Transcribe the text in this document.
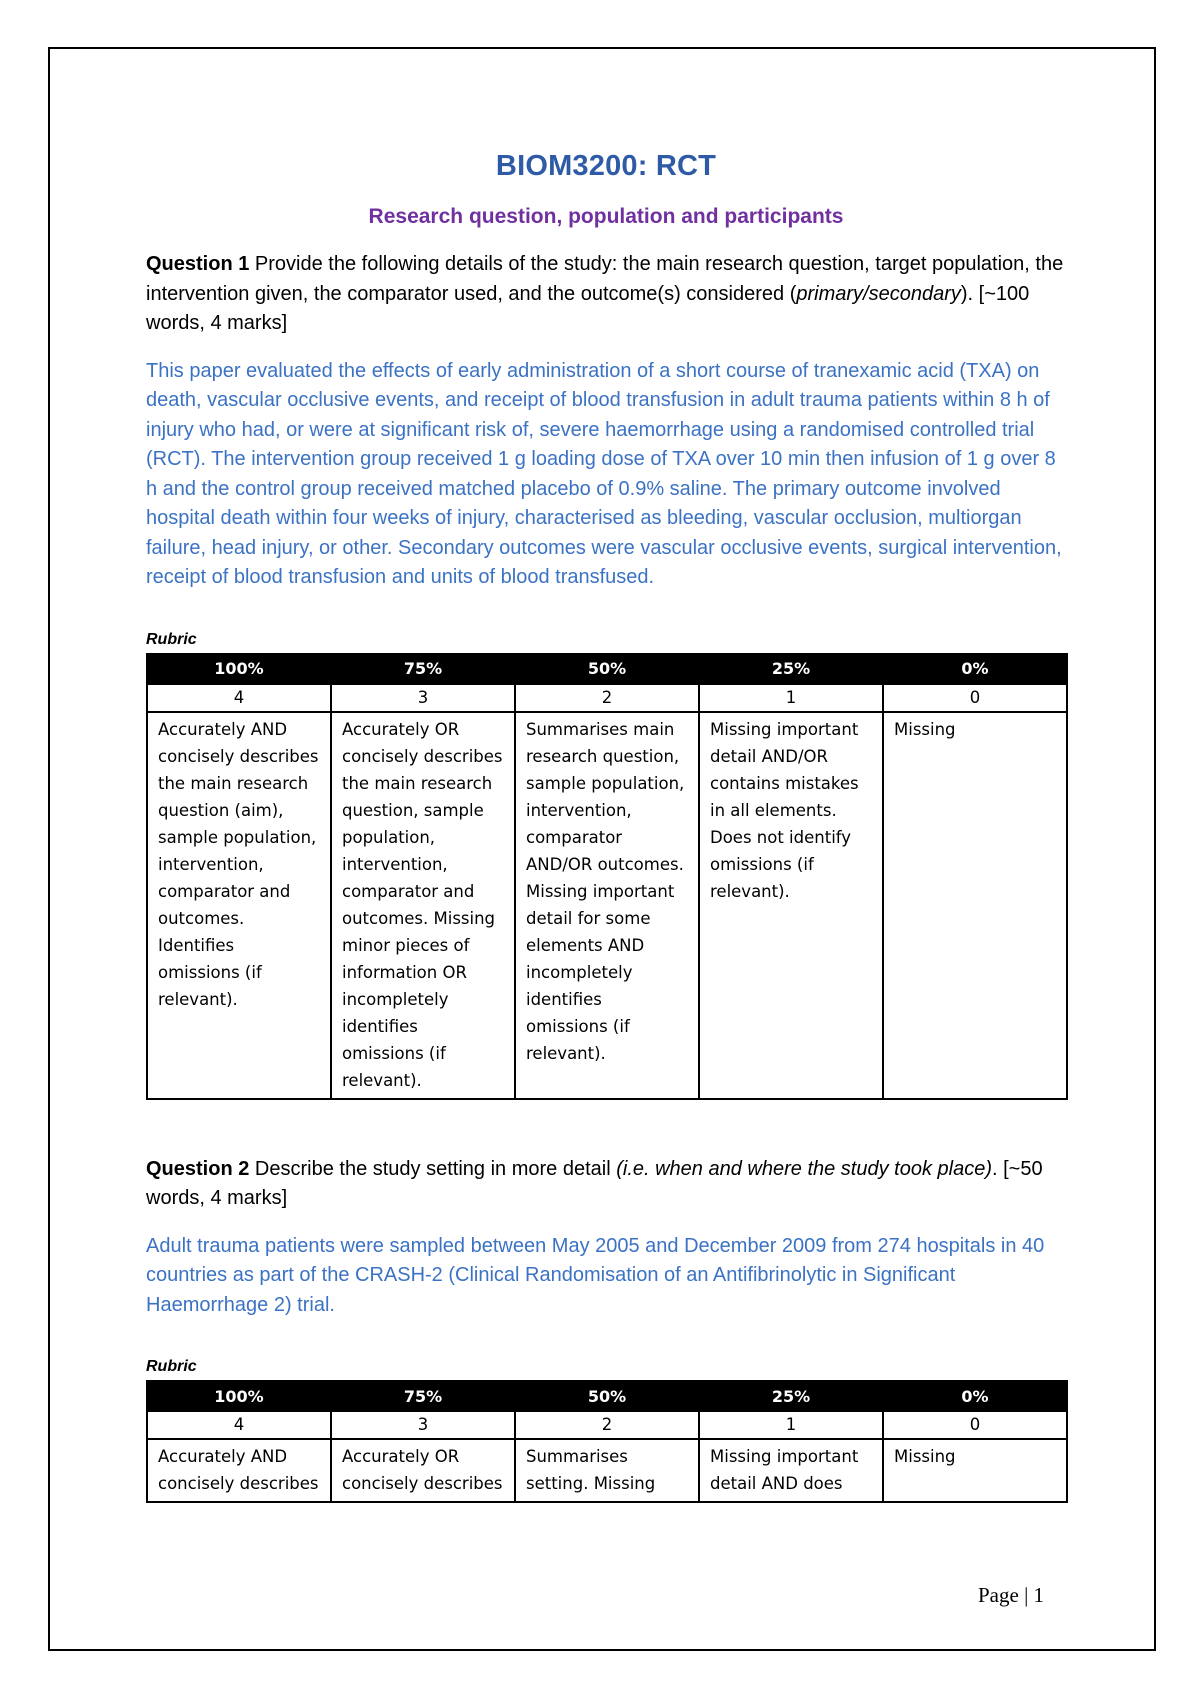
BIOM3200: RCT
Research question, population and participants

Question 1 Provide the following details of the study: the main research question, target population, the intervention given, the comparator used, and the outcome(s) considered (primary/secondary). [~100 words, 4 marks]

This paper evaluated the effects of early administration of a short course of tranexamic acid (TXA) on death, vascular occlusive events, and receipt of blood transfusion in adult trauma patients within 8 h of injury who had, or were at significant risk of, severe haemorrhage using a randomised controlled trial (RCT). The intervention group received 1 g loading dose of TXA over 10 min then infusion of 1 g over 8 h and the control group received matched placebo of 0.9% saline. The primary outcome involved hospital death within four weeks of injury, characterised as bleeding, vascular occlusion, multiorgan failure, head injury, or other. Secondary outcomes were vascular occlusive events, surgical intervention, receipt of blood transfusion and units of blood transfused.

Rubric
100%	75%	50%	25%	0%
4	3	2	1	0
Accurately AND concisely describes the main research question (aim), sample population, intervention, comparator and outcomes. Identifies omissions (if relevant).	Accurately OR concisely describes the main research question, sample population, intervention, comparator and outcomes. Missing minor pieces of information OR incompletely identifies omissions (if relevant).	Summarises main research question, sample population, intervention, comparator AND/OR outcomes. Missing important detail for some elements AND incompletely identifies omissions (if relevant).	Missing important detail AND/OR contains mistakes in all elements. Does not identify omissions (if relevant).	Missing

Question 2 Describe the study setting in more detail (i.e. when and where the study took place). [~50 words, 4 marks]

Adult trauma patients were sampled between May 2005 and December 2009 from 274 hospitals in 40 countries as part of the CRASH-2 (Clinical Randomisation of an Antifibrinolytic in Significant Haemorrhage 2) trial.

Rubric
100%	75%	50%	25%	0%
4	3	2	1	0
Accurately AND concisely describes	Accurately OR concisely describes	Summarises setting. Missing	Missing important detail AND does	Missing
Page | 1
